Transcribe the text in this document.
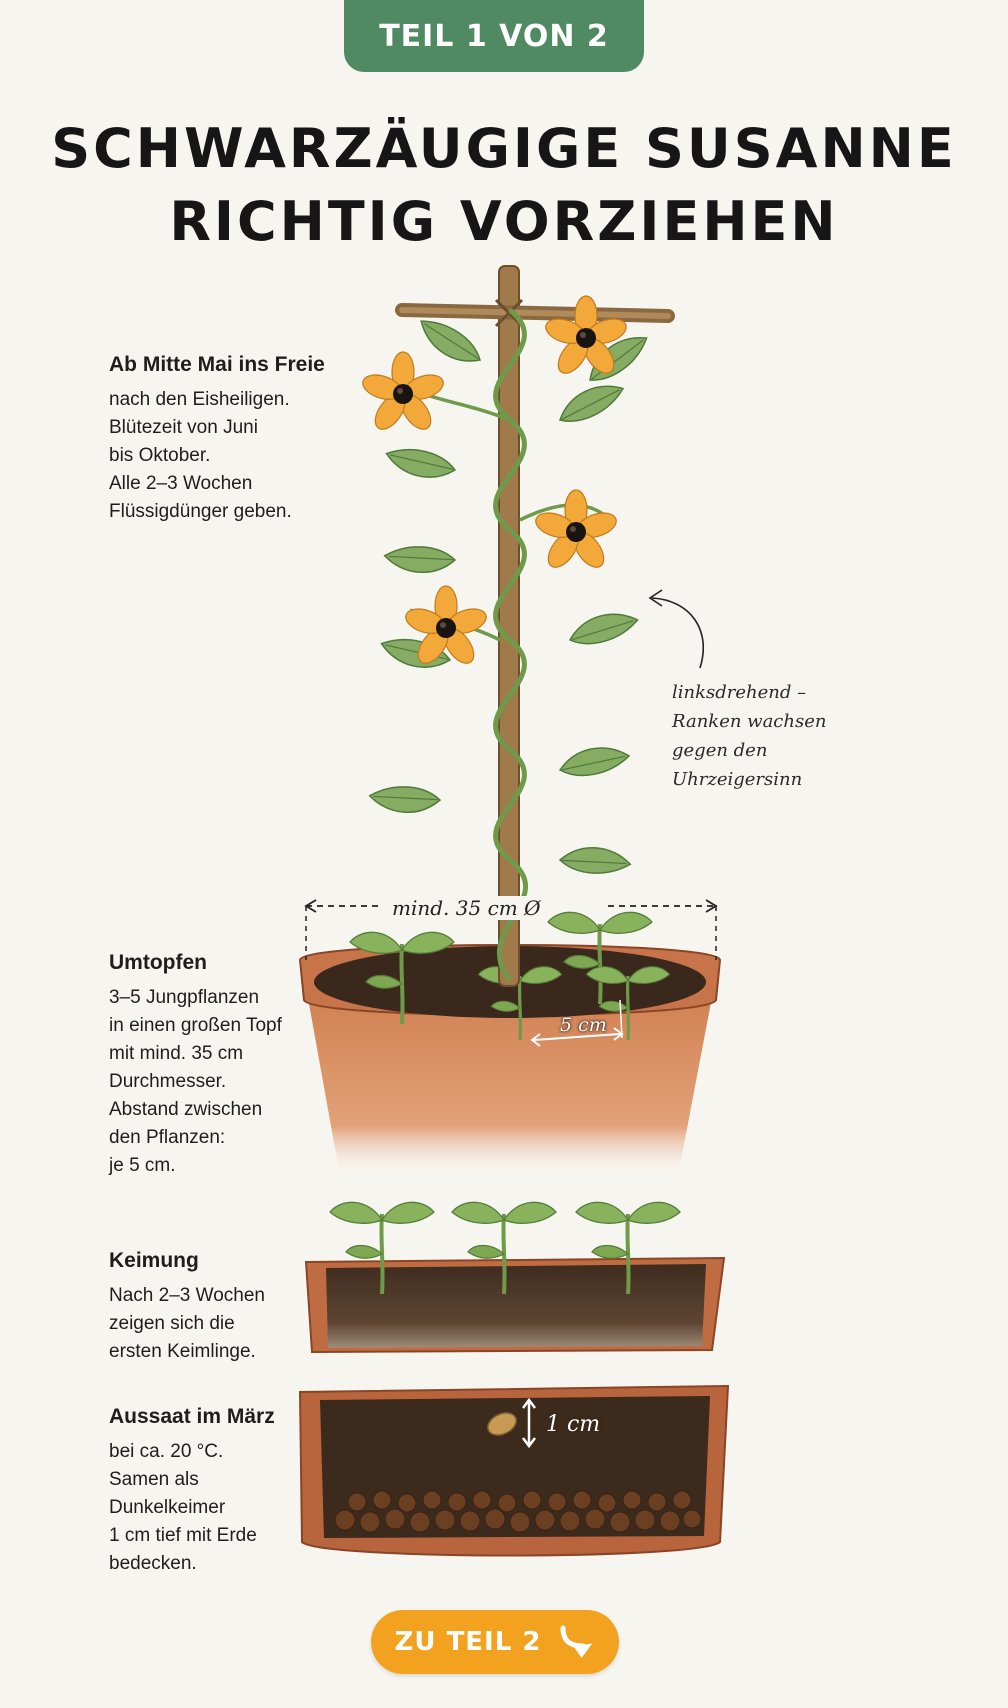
TEIL 1 VON 2
SCHWARZÄUGIGE SUSANNE
RICHTIG VORZIEHEN
Ab Mitte Mai ins Freie
nach den Eisheiligen.
Blütezeit von Juni
bis Oktober.
Alle 2–3 Wochen
Flüssigdünger geben.
Umtopfen
3–5 Jungpflanzen
in einen großen Topf
mit mind. 35 cm
Durchmesser.
Abstand zwischen
den Pflanzen:
je 5 cm.
Keimung
Nach 2–3 Wochen
zeigen sich die
ersten Keimlinge.
Aussaat im März
bei ca. 20 °C.
Samen als
Dunkelkeimer
1 cm tief mit Erde
bedecken.
linksdrehend –
Ranken wachsen
gegen den
Uhrzeigersinn
mind. 35 cm Ø
5 cm
1 cm
ZU TEIL 2
